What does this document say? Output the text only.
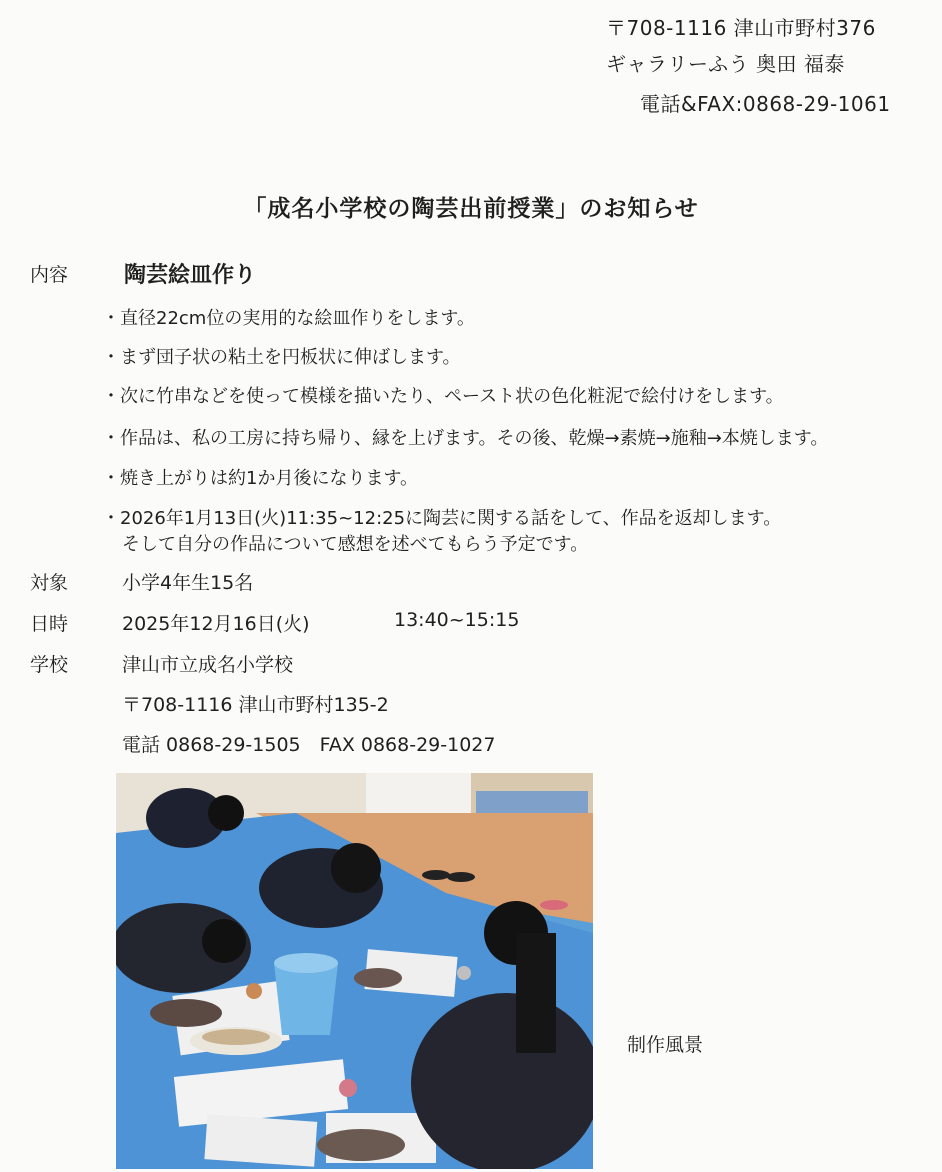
〒708-1116 津山市野村376
ギャラリーふう 奥田 福泰
電話&FAX:0868-29-1061
「成名小学校の陶芸出前授業」のお知らせ
内容	陶芸絵皿作り
・直径22cm位の実用的な絵皿作りをします。
・まず団子状の粘土を円板状に伸ばします。
・次に竹串などを使って模様を描いたり、ペースト状の色化粧泥で絵付けをします。
・作品は、私の工房に持ち帰り、縁を上げます。その後、乾燥→素焼→施釉→本焼します。
・焼き上がりは約1か月後になります。
・2026年1月13日(火)11:35~12:25に陶芸に関する話をして、作品を返却します。
そして自分の作品について感想を述べてもらう予定です。
対象	小学4年生15名
日時	2025年12月16日(火)	13:40~15:15
学校	津山市立成名小学校
〒708-1116 津山市野村135-2
電話 0868-29-1505　FAX 0868-29-1027
制作風景
